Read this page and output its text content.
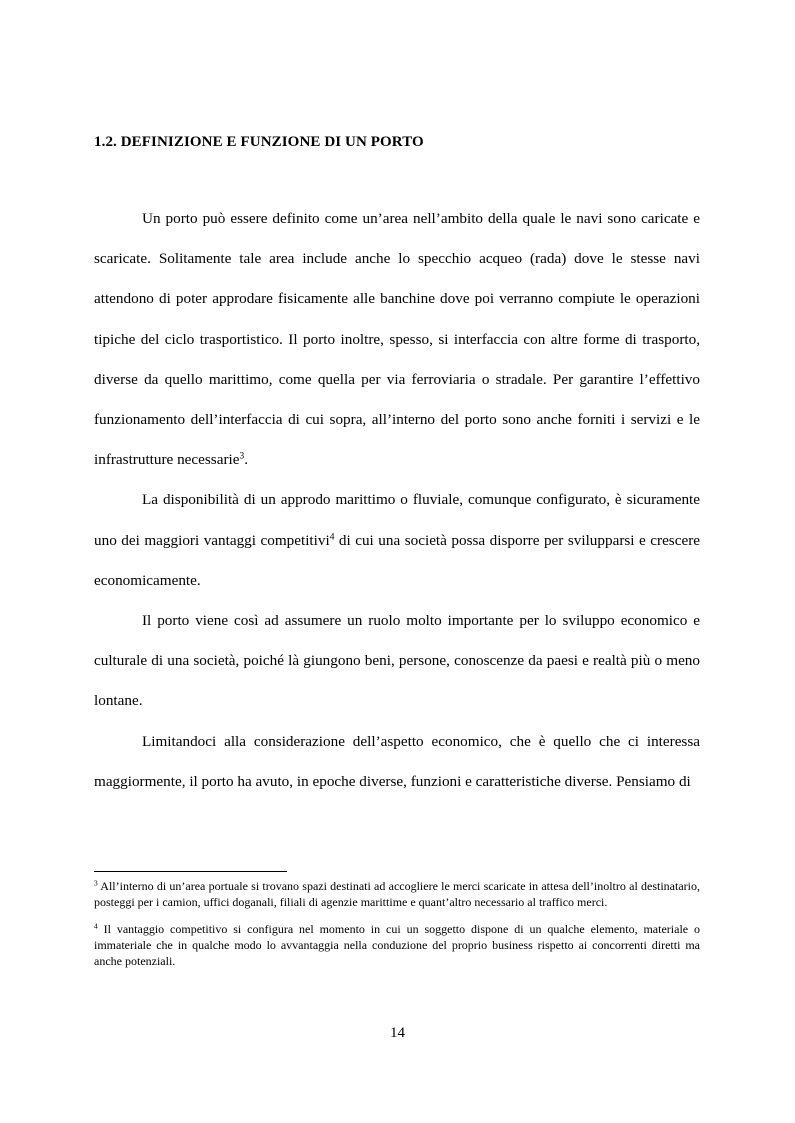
1.2. DEFINIZIONE E FUNZIONE DI UN PORTO

Un porto può essere definito come un’area nell’ambito della quale le navi sono caricate e scaricate. Solitamente tale area include anche lo specchio acqueo (rada) dove le stesse navi attendono di poter approdare fisicamente alle banchine dove poi verranno compiute le operazioni tipiche del ciclo trasportistico. Il porto inoltre, spesso, si interfaccia con altre forme di trasporto, diverse da quello marittimo, come quella per via ferroviaria o stradale. Per garantire l’effettivo funzionamento dell’interfaccia di cui sopra, all’interno del porto sono anche forniti i servizi e le infrastrutture necessarie$^3$.

La disponibilità di un approdo marittimo o fluviale, comunque configurato, è sicuramente uno dei maggiori vantaggi competitivi$^4$ di cui una società possa disporre per svilupparsi e crescere economicamente.

Il porto viene così ad assumere un ruolo molto importante per lo sviluppo economico e culturale di una società, poiché là giungono beni, persone, conoscenze da paesi e realtà più o meno lontane.

Limitandoci alla considerazione dell’aspetto economico, che è quello che ci interessa maggiormente, il porto ha avuto, in epoche diverse, funzioni e caratteristiche diverse. Pensiamo di

$^3$ All’interno di un’area portuale si trovano spazi destinati ad accogliere le merci scaricate in attesa dell’inoltro al destinatario, posteggi per i camion, uffici doganali, filiali di agenzie marittime e quant’altro necessario al traffico merci.

$^4$ Il vantaggio competitivo si configura nel momento in cui un soggetto dispone di un qualche elemento, materiale o immateriale che in qualche modo lo avvantaggia nella conduzione del proprio business rispetto ai concorrenti diretti ma anche potenziali.

14
